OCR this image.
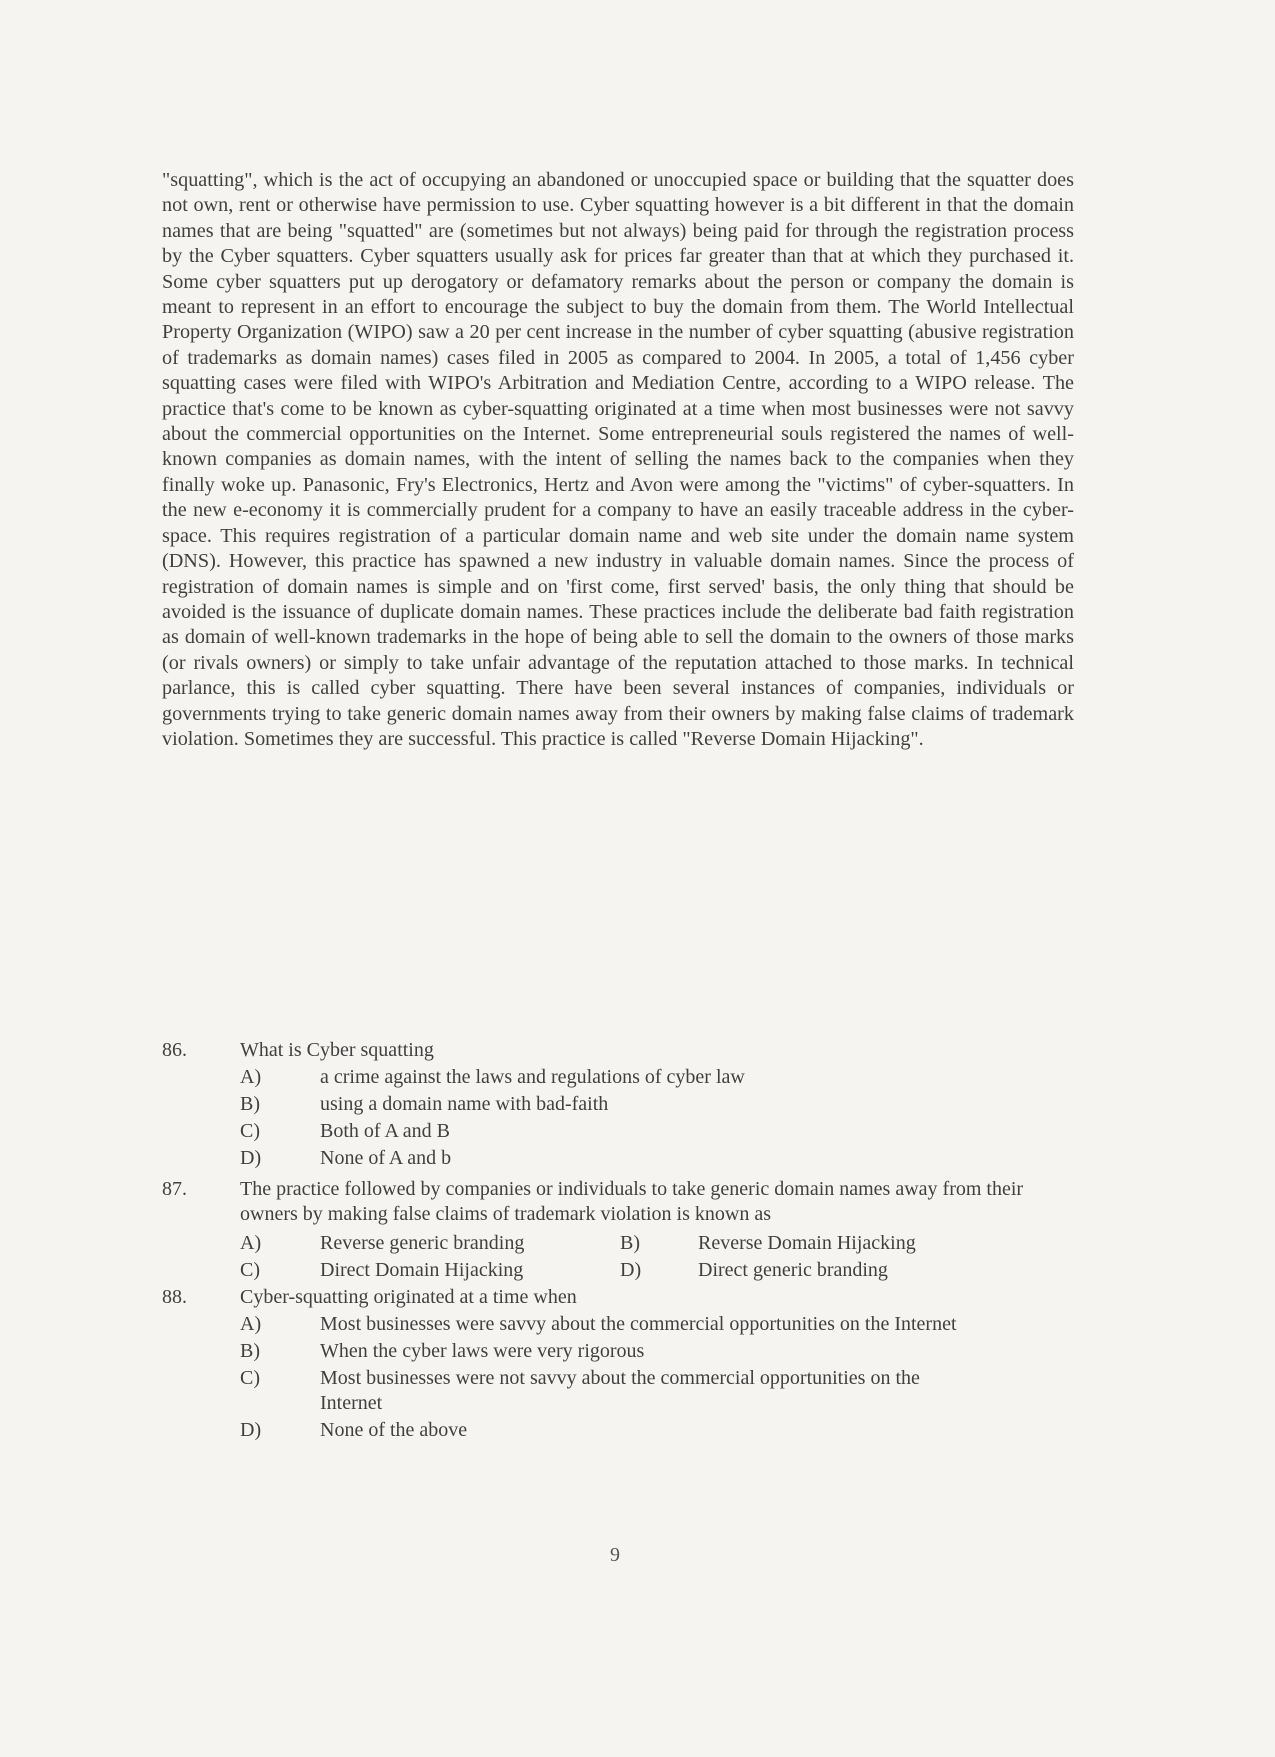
"squatting", which is the act of occupying an abandoned or unoccupied space or building that the squatter does not own, rent or otherwise have permission to use. Cyber squatting however is a bit different in that the domain names that are being "squatted" are (sometimes but not always) being paid for through the registration process by the Cyber squatters. Cyber squatters usually ask for prices far greater than that at which they purchased it. Some cyber squatters put up derogatory or defamatory remarks about the person or company the domain is meant to represent in an effort to encourage the subject to buy the domain from them. The World Intellectual Property Organization (WIPO) saw a 20 per cent increase in the number of cyber squatting (abusive registration of trademarks as domain names) cases filed in 2005 as compared to 2004. In 2005, a total of 1,456 cyber squatting cases were filed with WIPO's Arbitration and Mediation Centre, according to a WIPO release. The practice that's come to be known as cyber-squatting originated at a time when most businesses were not savvy about the commercial opportunities on the Internet. Some entrepreneurial souls registered the names of well-known companies as domain names, with the intent of selling the names back to the companies when they finally woke up. Panasonic, Fry's Electronics, Hertz and Avon were among the "victims" of cyber-squatters. In the new e-economy it is commercially prudent for a company to have an easily traceable address in the cyber-space. This requires registration of a particular domain name and web site under the domain name system (DNS). However, this practice has spawned a new industry in valuable domain names. Since the process of registration of domain names is simple and on 'first come, first served' basis, the only thing that should be avoided is the issuance of duplicate domain names. These practices include the deliberate bad faith registration as domain of well-known trademarks in the hope of being able to sell the domain to the owners of those marks (or rivals owners) or simply to take unfair advantage of the reputation attached to those marks. In technical parlance, this is called cyber squatting. There have been several instances of companies, individuals or governments trying to take generic domain names away from their owners by making false claims of trademark violation. Sometimes they are successful. This practice is called "Reverse Domain Hijacking".

86.	What is Cyber squatting
A)	a crime against the laws and regulations of cyber law
B)	using a domain name with bad-faith
C)	Both of A and B
D)	None of A and b
87.	The practice followed by companies or individuals to take generic domain names away from their owners by making false claims of trademark violation is known as
A)	Reverse generic branding	B)	Reverse Domain Hijacking
C)	Direct Domain Hijacking	D)	Direct generic branding
88.	Cyber-squatting originated at a time when
A)	Most businesses were savvy about the commercial opportunities on the Internet
B)	When the cyber laws were very rigorous
C)	Most businesses were not savvy about the commercial opportunities on the Internet
D)	None of the above
9
